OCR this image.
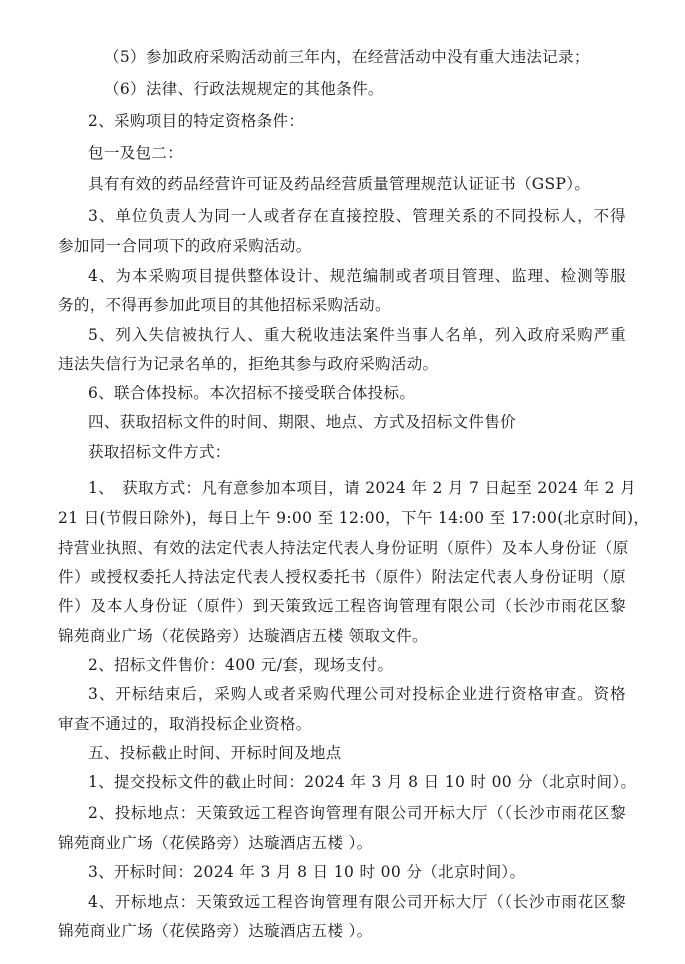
（5）参加政府采购活动前三年内，在经营活动中没有重大违法记录；
（6）法律、行政法规规定的其他条件。
2、采购项目的特定资格条件：
包一及包二：
具有有效的药品经营许可证及药品经营质量管理规范认证证书（GSP）。
3、单位负责人为同一人或者存在直接控股、管理关系的不同投标人，不得
参加同一合同项下的政府采购活动。
4、为本采购项目提供整体设计、规范编制或者项目管理、监理、检测等服
务的，不得再参加此项目的其他招标采购活动。
5、列入失信被执行人、重大税收违法案件当事人名单，列入政府采购严重
违法失信行为记录名单的，拒绝其参与政府采购活动。
6、联合体投标。本次招标不接受联合体投标。
四、获取招标文件的时间、期限、地点、方式及招标文件售价
获取招标文件方式：
1、　获取方式：凡有意参加本项目，请 2024 年 2 月 7 日起至 2024 年 2 月
21 日(节假日除外)，每日上午 9:00 至 12:00，下午 14:00 至 17:00(北京时间)，
持营业执照、有效的法定代表人持法定代表人身份证明（原件）及本人身份证（原
件）或授权委托人持法定代表人授权委托书（原件）附法定代表人身份证明（原
件）及本人身份证（原件）到天策致远工程咨询管理有限公司（长沙市雨花区黎
锦苑商业广场（花侯路旁）达璇酒店五楼 领取文件。
2、招标文件售价：400 元/套，现场支付。
3、开标结束后，采购人或者采购代理公司对投标企业进行资格审查。资格
审查不通过的，取消投标企业资格。
五、投标截止时间、开标时间及地点
1、提交投标文件的截止时间：2024 年 3 月 8 日 10 时 00 分（北京时间）。
2、投标地点：天策致远工程咨询管理有限公司开标大厅（（长沙市雨花区黎
锦苑商业广场（花侯路旁）达璇酒店五楼 ）。
3、开标时间：2024 年 3 月 8 日 10 时 00 分（北京时间）。
4、开标地点：天策致远工程咨询管理有限公司开标大厅（（长沙市雨花区黎
锦苑商业广场（花侯路旁）达璇酒店五楼 ）。
